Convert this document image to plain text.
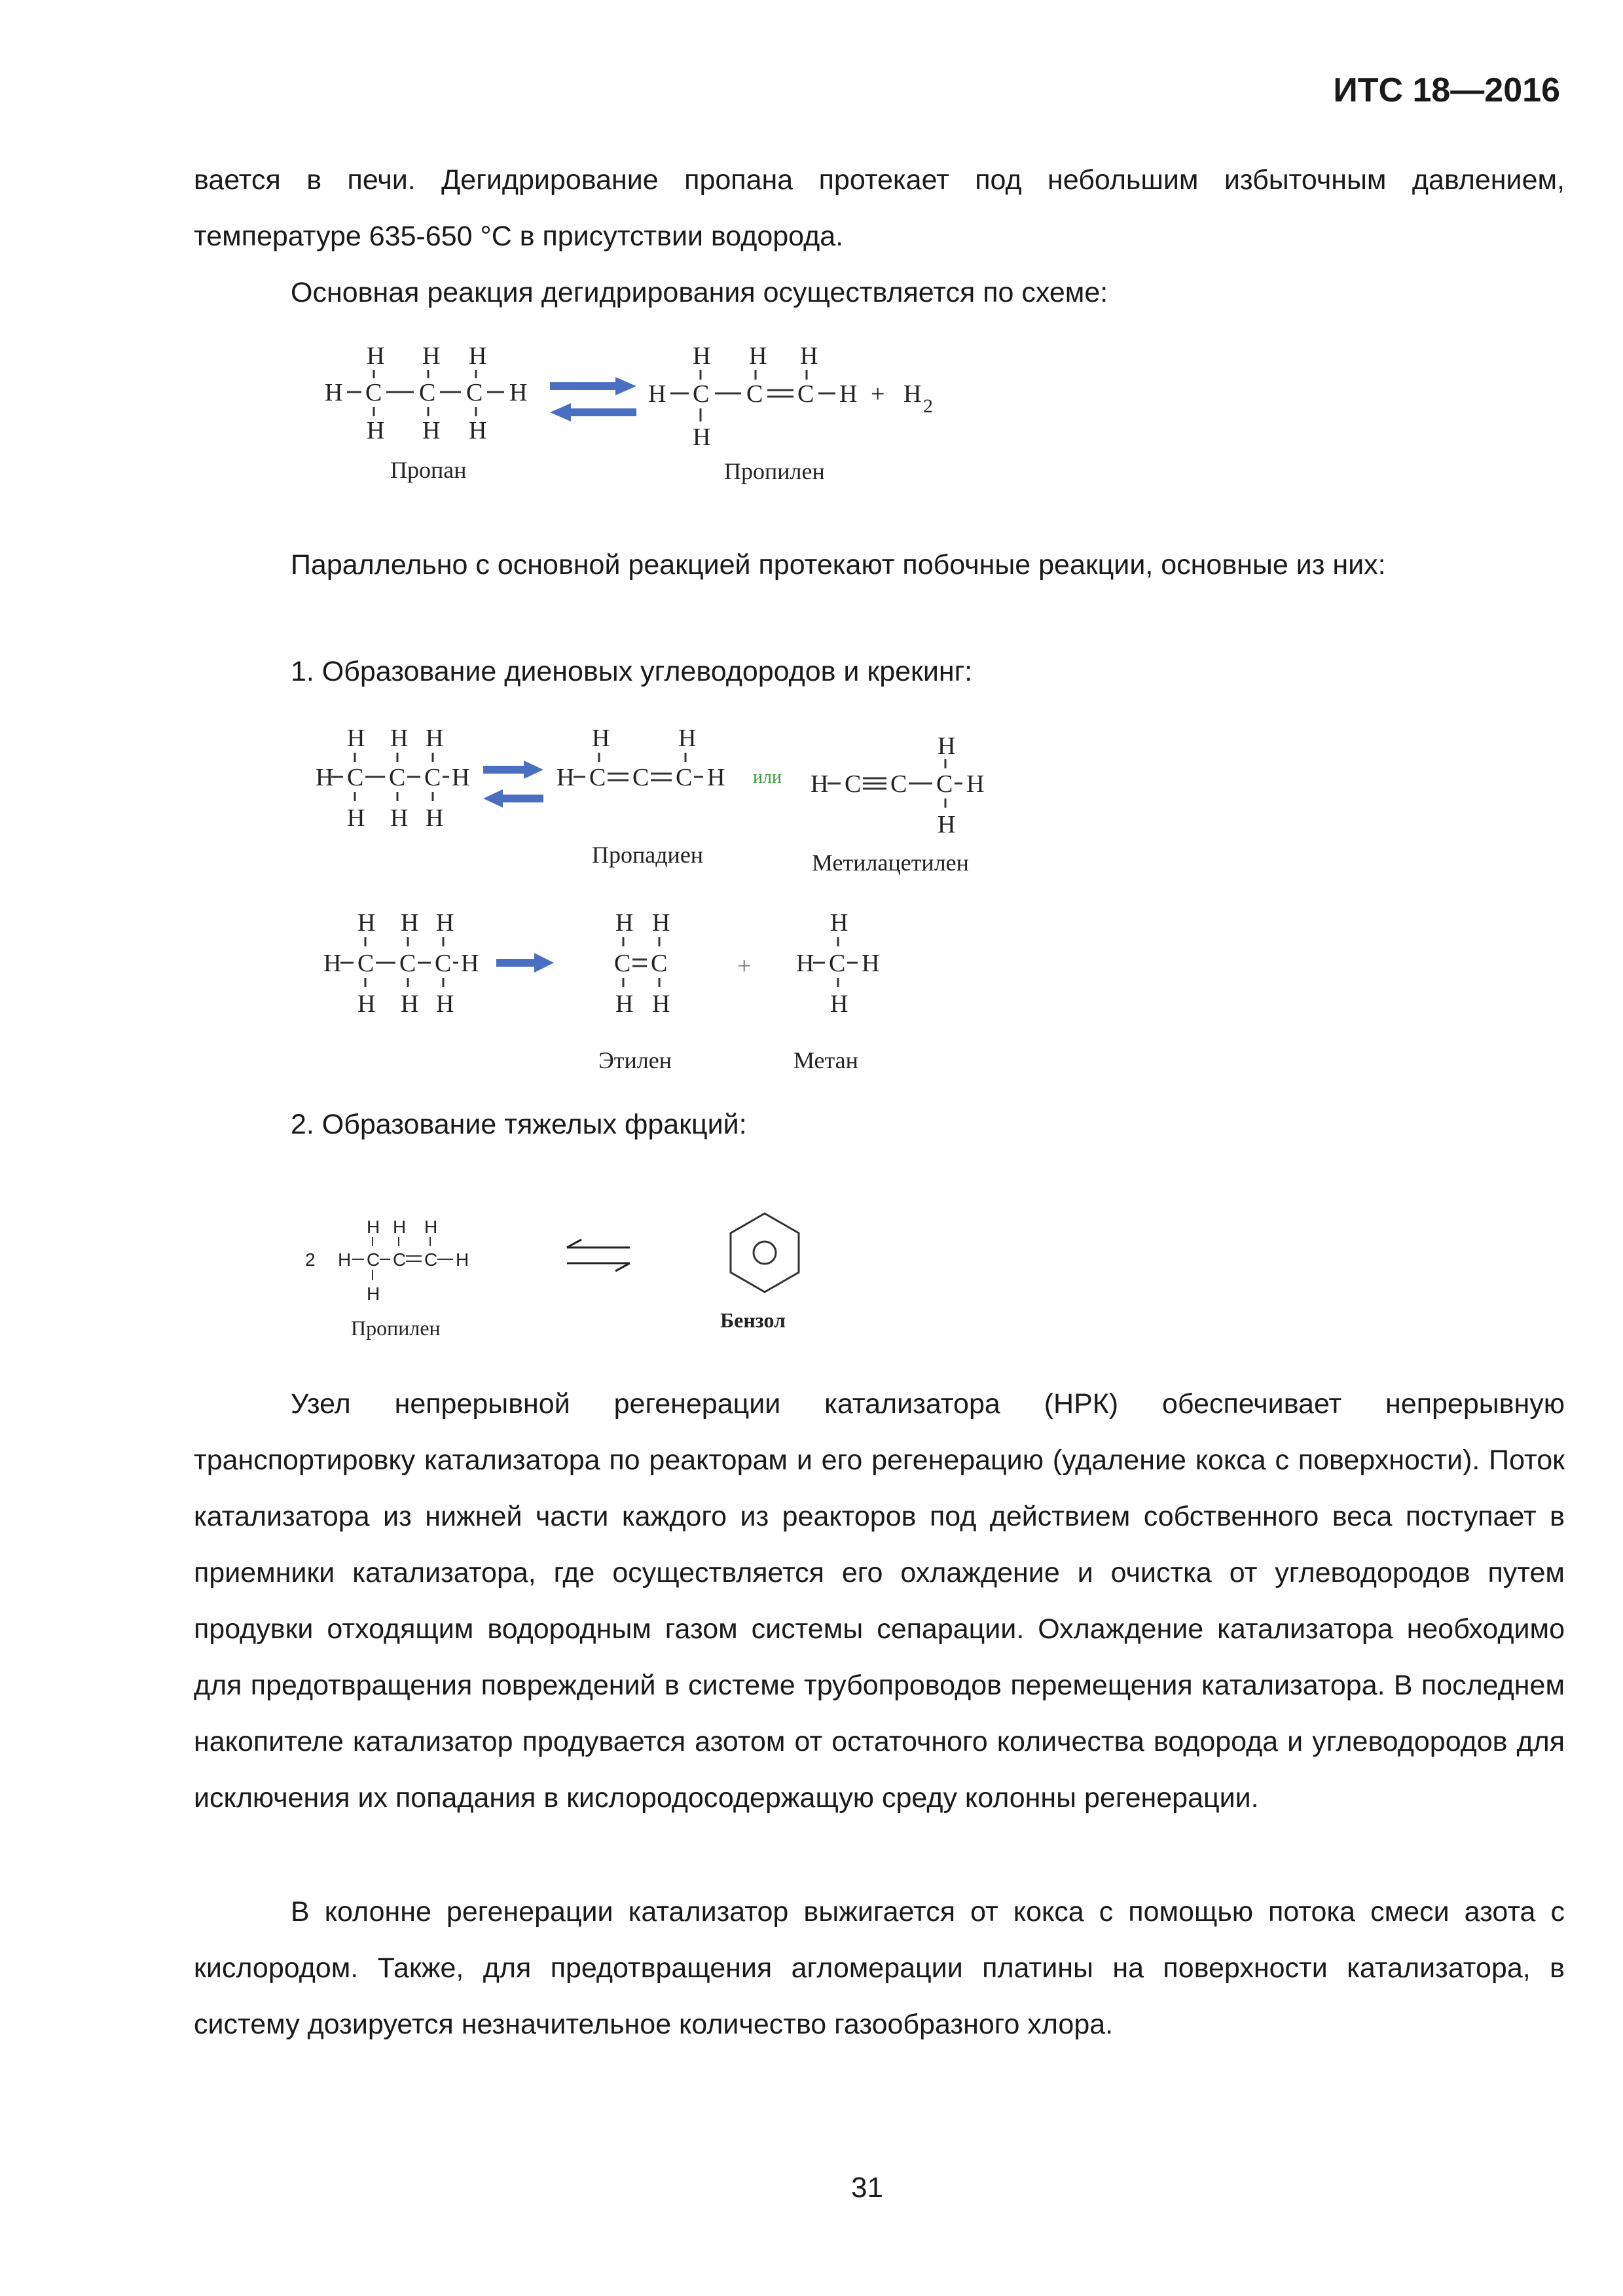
ИТС 18—2016

вается в печи. Дегидрирование пропана протекает под небольшим избыточным давлением, температуре 635-650 °С в присутствии водорода.

Основная реакция дегидрирования осуществляется по схеме:

H H H
H C C C H
H H H
Пропан
H H H
H C C C H
H
+ H 2
Пропилен
H H H
H C C C H
H H H
H	H
H C C C H
Пропадиен
или
H
H C C C H
H
Метилацетилен
H H H
H C C C H
H H H
H H
C C
H H
Этилен
+
H
H C H
H
Метан
H H H
2 H C C C H
H
Пропилен	Бензол

Параллельно с основной реакцией протекают побочные реакции, основные из них:

1. Образование диеновых углеводородов и крекинг:
2. Образование тяжелых фракций:

Узел непрерывной регенерации катализатора (НРК) обеспечивает непрерывную транспортировку катализатора по реакторам и его регенерацию (удаление кокса с поверхности). Поток катализатора из нижней части каждого из реакторов под действием собственного веса поступает в приемники катализатора, где осуществляется его охлаждение и очистка от углеводородов путем продувки отходящим водородным газом системы сепарации. Охлаждение катализатора необходимо для предотвращения повреждений в системе трубопроводов перемещения катализатора. В последнем накопителе катализатор продувается азотом от остаточного количества водорода и углеводородов для исключения их попадания в кислородосодержащую среду колонны регенерации.

В колонне регенерации катализатор выжигается от кокса с помощью потока смеси азота с кислородом. Также, для предотвращения агломерации платины на поверхности катализатора, в систему дозируется незначительное количество газообразного хлора.

31
